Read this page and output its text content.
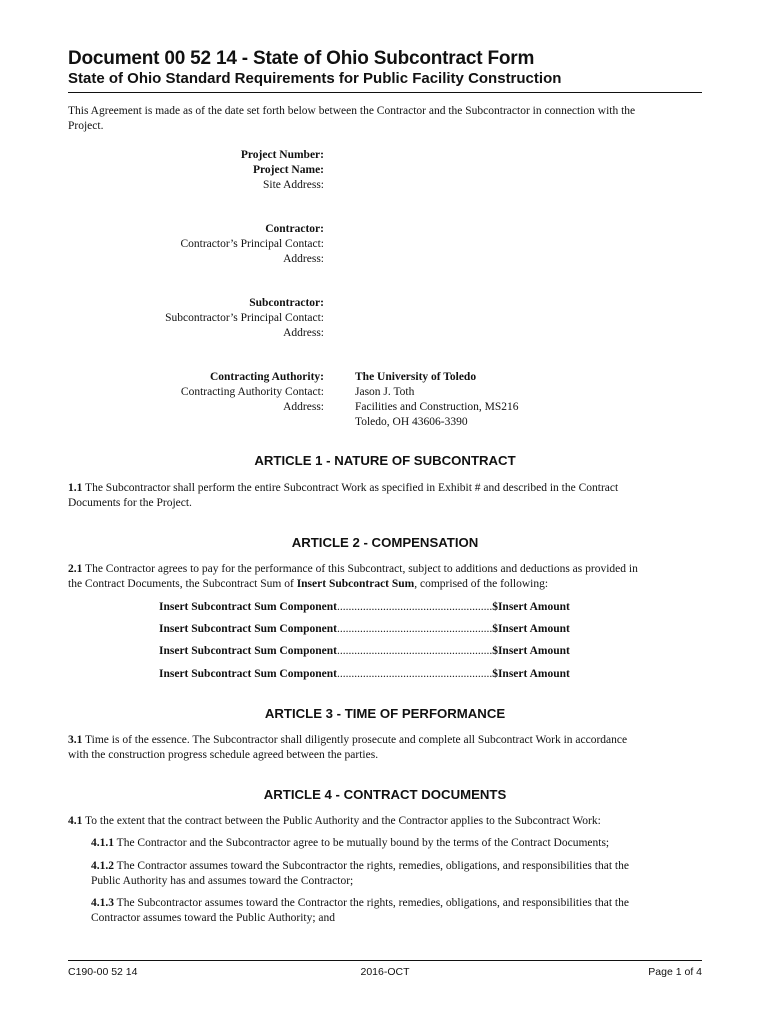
Document 00 52 14 - State of Ohio Subcontract Form
State of Ohio Standard Requirements for Public Facility Construction
This Agreement is made as of the date set forth below between the Contractor and the Subcontractor in connection with the
Project.
Project Number:
Project Name:
Site Address:
Contractor:
Contractor’s Principal Contact:
Address:
Subcontractor:
Subcontractor’s Principal Contact:
Address:
Contracting Authority:	The University of Toledo
Contracting Authority Contact:	Jason J. Toth
Address:	Facilities and Construction, MS216
Toledo, OH 43606-3390
ARTICLE 1 - NATURE OF SUBCONTRACT
1.1 The Subcontractor shall perform the entire Subcontract Work as specified in Exhibit # and described in the Contract
Documents for the Project.
ARTICLE 2 - COMPENSATION
2.1 The Contractor agrees to pay for the performance of this Subcontract, subject to additions and deductions as provided in
the Contract Documents, the Subcontract Sum of Insert Subcontract Sum, comprised of the following:
Insert Subcontract Sum Component......................................................$Insert Amount
Insert Subcontract Sum Component......................................................$Insert Amount
Insert Subcontract Sum Component......................................................$Insert Amount
Insert Subcontract Sum Component......................................................$Insert Amount
ARTICLE 3 - TIME OF PERFORMANCE
3.1 Time is of the essence. The Subcontractor shall diligently prosecute and complete all Subcontract Work in accordance
with the construction progress schedule agreed between the parties.
ARTICLE 4 - CONTRACT DOCUMENTS
4.1 To the extent that the contract between the Public Authority and the Contractor applies to the Subcontract Work:
4.1.1 The Contractor and the Subcontractor agree to be mutually bound by the terms of the Contract Documents;
4.1.2 The Contractor assumes toward the Subcontractor the rights, remedies, obligations, and responsibilities that the
Public Authority has and assumes toward the Contractor;
4.1.3 The Subcontractor assumes toward the Contractor the rights, remedies, obligations, and responsibilities that the
Contractor assumes toward the Public Authority; and
C190-00 52 14	2016-OCT	Page 1 of 4
